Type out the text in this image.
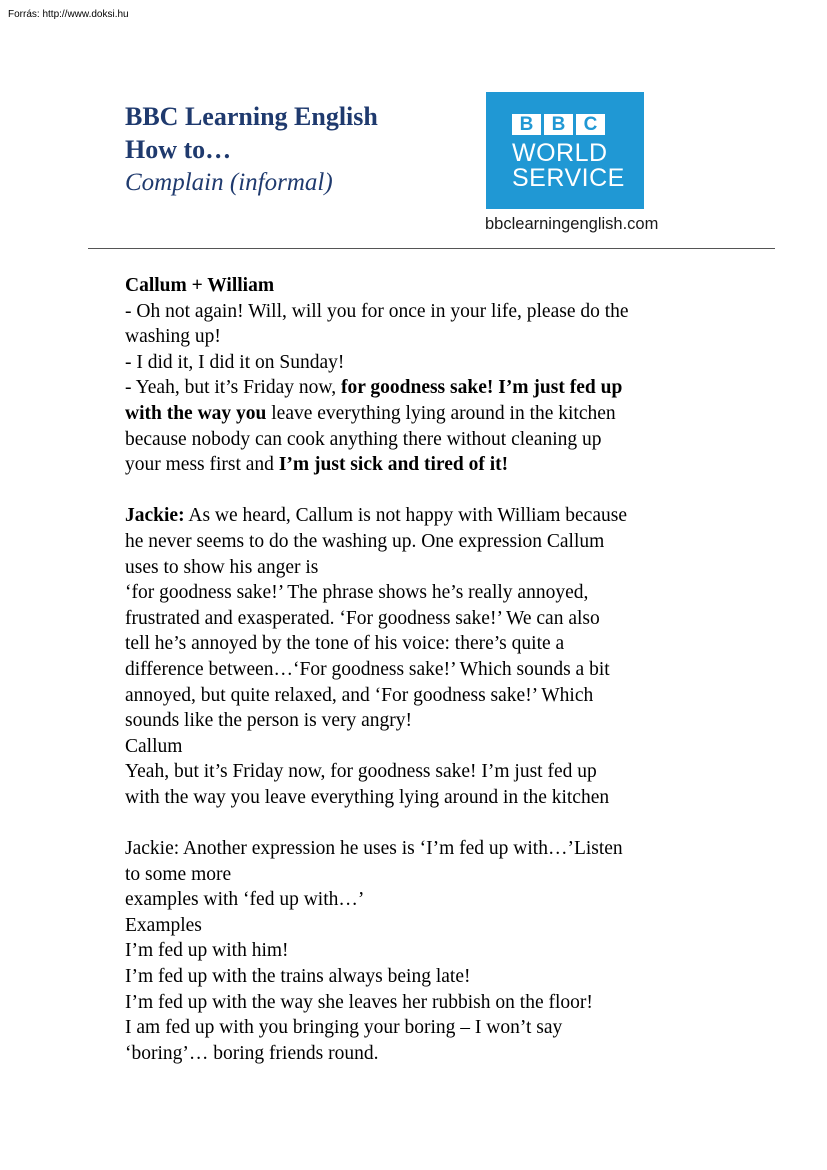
Forrás: http://www.doksi.hu
BBC Learning English
How to…
Complain (informal)
B B C
WORLD
SERVICE
bbclearningenglish.com
Callum + William
- Oh not again! Will, will you for once in your life, please do the
washing up!
- I did it, I did it on Sunday!
- Yeah, but it’s Friday now, for goodness sake! I’m just fed up
with the way you leave everything lying around in the kitchen
because nobody can cook anything there without cleaning up
your mess first and I’m just sick and tired of it!
Jackie: As we heard, Callum is not happy with William because
he never seems to do the washing up. One expression Callum
uses to show his anger is
‘for goodness sake!’ The phrase shows he’s really annoyed,
frustrated and exasperated. ‘For goodness sake!’ We can also
tell he’s annoyed by the tone of his voice: there’s quite a
difference between…‘For goodness sake!’ Which sounds a bit
annoyed, but quite relaxed, and ‘For goodness sake!’ Which
sounds like the person is very angry!
Callum
Yeah, but it’s Friday now, for goodness sake! I’m just fed up
with the way you leave everything lying around in the kitchen
Jackie: Another expression he uses is ‘I’m fed up with…’Listen
to some more
examples with ‘fed up with…’
Examples
I’m fed up with him!
I’m fed up with the trains always being late!
I’m fed up with the way she leaves her rubbish on the floor!
I am fed up with you bringing your boring – I won’t say
‘boring’… boring friends round.
